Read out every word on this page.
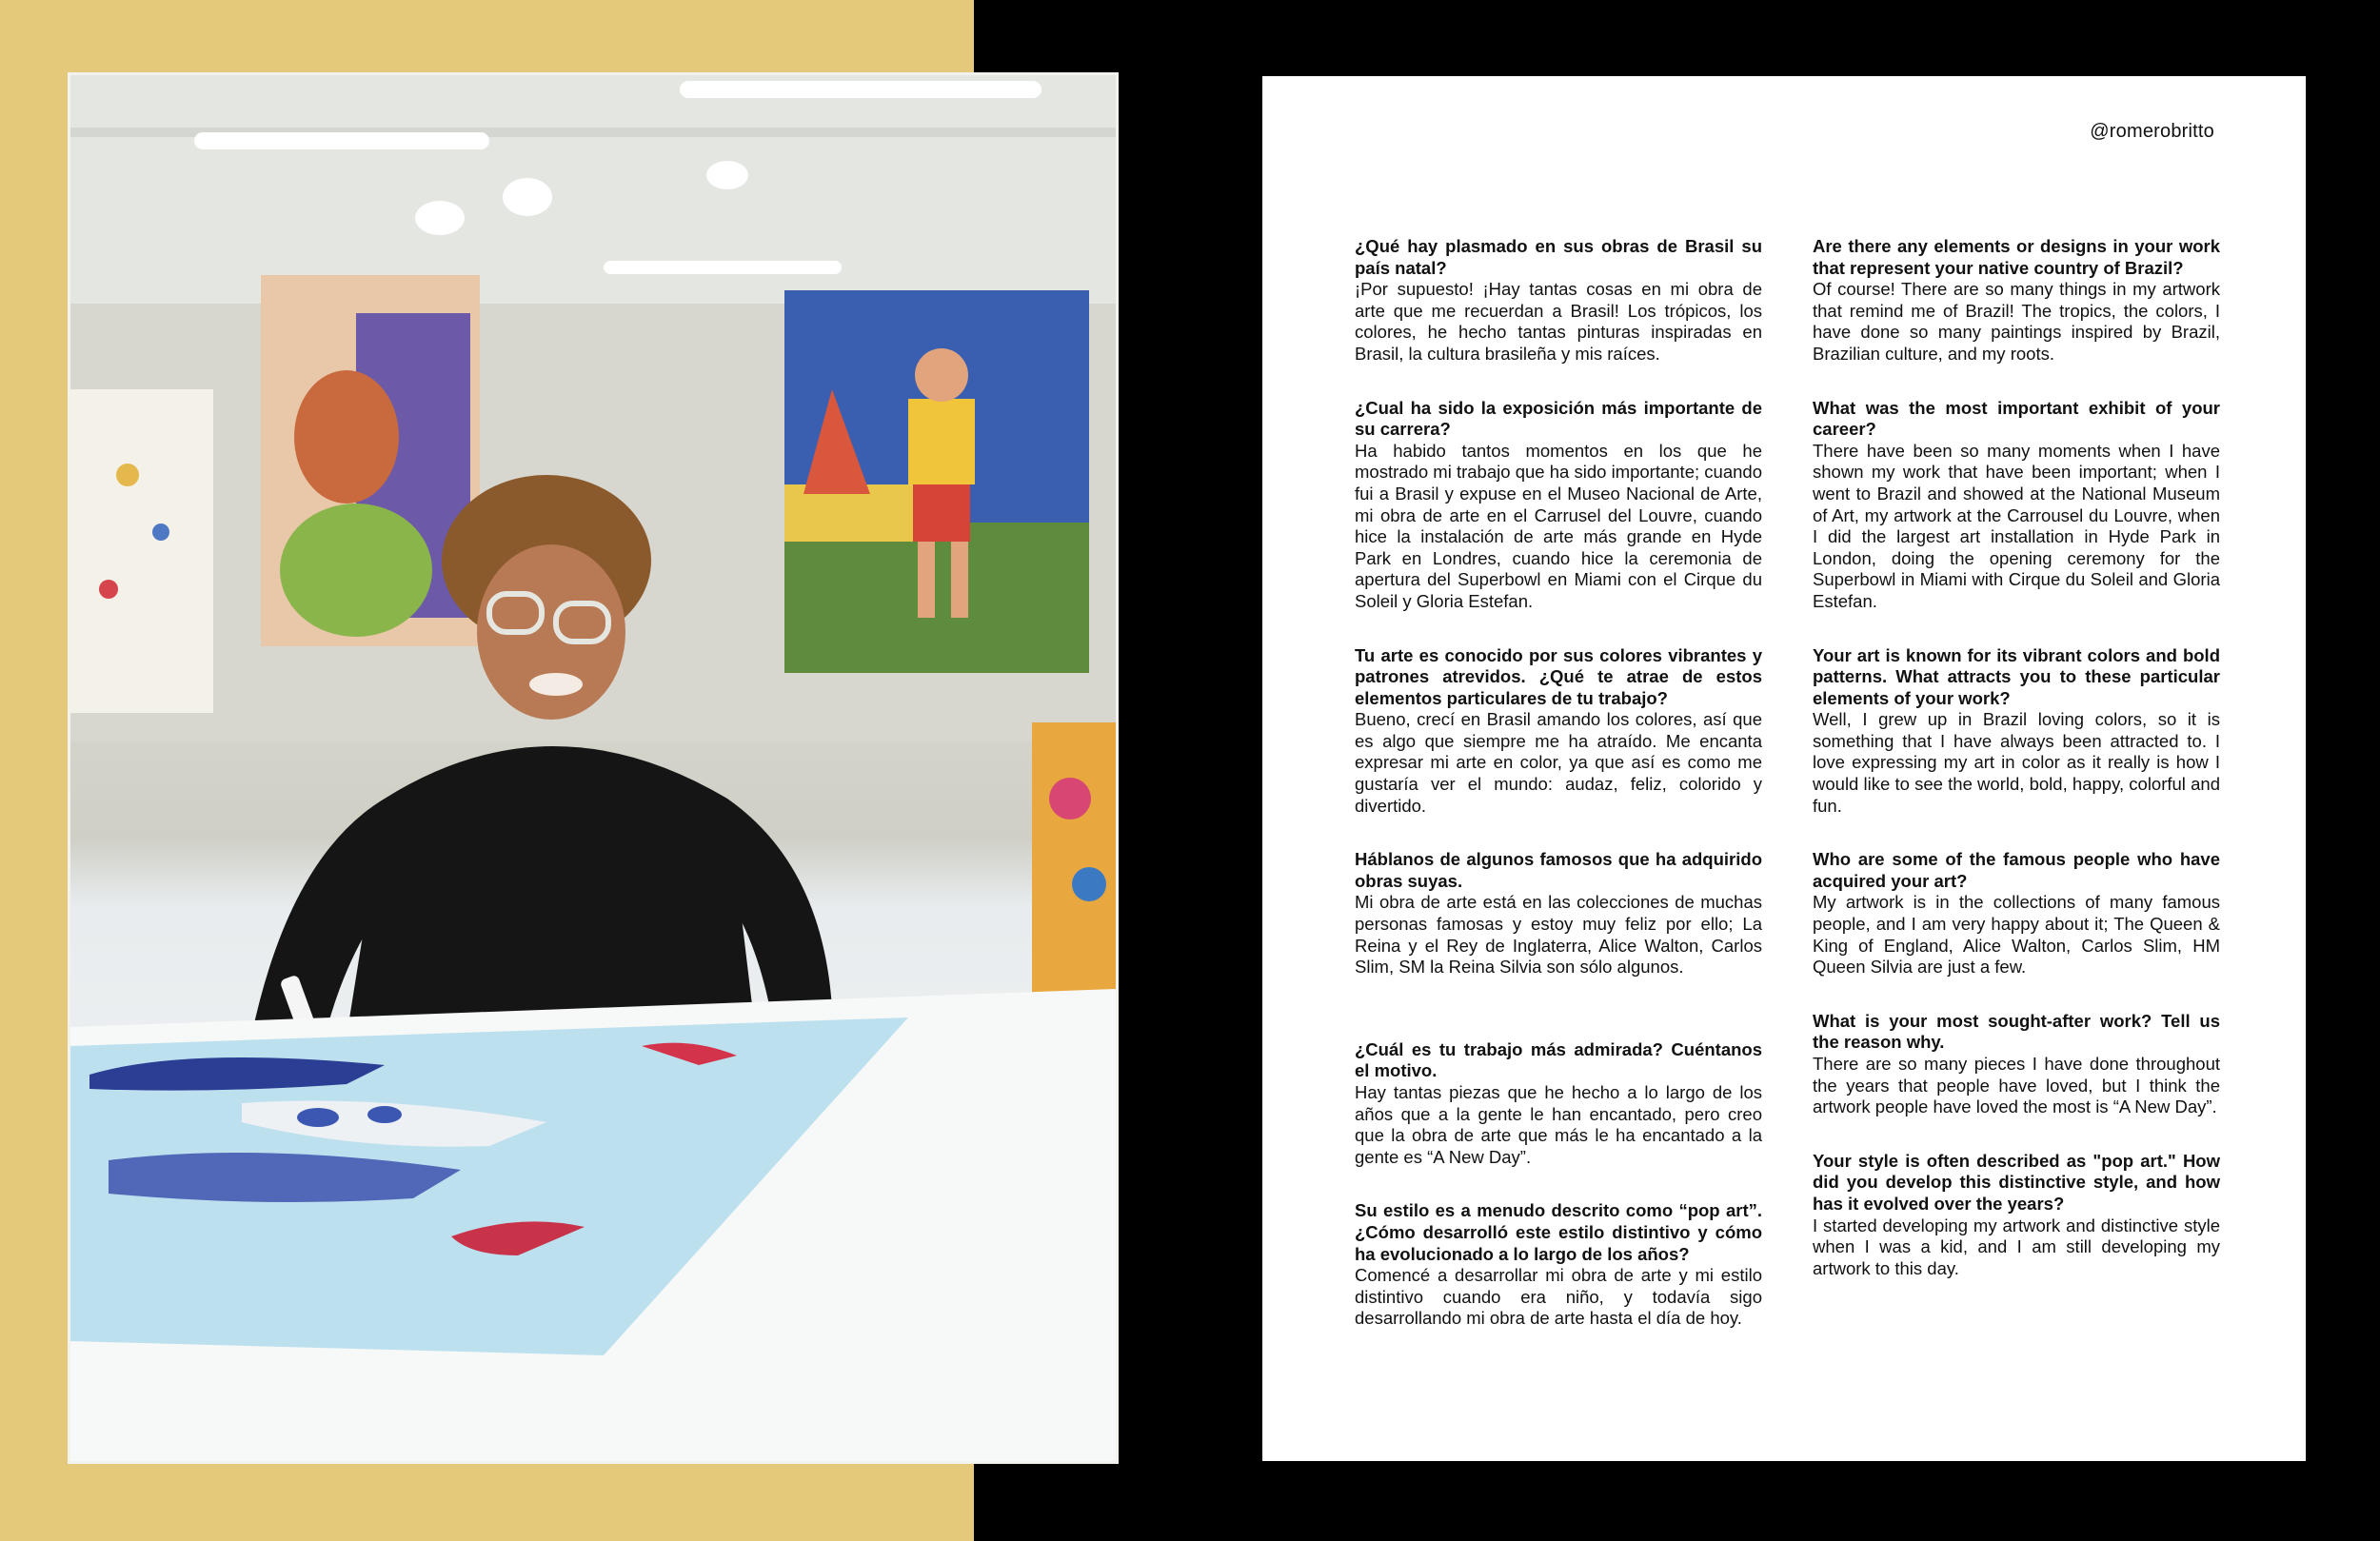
@romerobritto
¿Qué hay plasmado en sus obras de Brasil su país natal?
¡Por supuesto! ¡Hay tantas cosas en mi obra de arte que me recuerdan a Brasil! Los trópicos, los colores, he hecho tantas pinturas inspiradas en Brasil, la cultura brasileña y mis raíces.
¿Cual ha sido la exposición más importante de su carrera?
Ha habido tantos momentos en los que he mostrado mi trabajo que ha sido importante; cuando fui a Brasil y expuse en el Museo Nacional de Arte, mi obra de arte en el Carrusel del Louvre, cuando hice la instalación de arte más grande en Hyde Park en Londres, cuando hice la ceremonia de apertura del Superbowl en Miami con el Cirque du Soleil y Gloria Estefan.
Tu arte es conocido por sus colores vibrantes y patrones atrevidos. ¿Qué te atrae de estos elementos particulares de tu trabajo?
Bueno, crecí en Brasil amando los colores, así que es algo que siempre me ha atraído. Me encanta expresar mi arte en color, ya que así es como me gustaría ver el mundo: audaz, feliz, colorido y divertido.
Háblanos de algunos famosos que ha adquirido obras suyas.
Mi obra de arte está en las colecciones de muchas personas famosas y estoy muy feliz por ello; La Reina y el Rey de Inglaterra, Alice Walton, Carlos Slim, SM la Reina Silvia son sólo algunos.
¿Cuál es tu trabajo más admirada? Cuéntanos el motivo.
Hay tantas piezas que he hecho a lo largo de los años que a la gente le han encantado, pero creo que la obra de arte que más le ha encantado a la gente es “A New Day”.
Su estilo es a menudo descrito como “pop art”. ¿Cómo desarrolló este estilo distintivo y cómo ha evolucionado a lo largo de los años?
Comencé a desarrollar mi obra de arte y mi estilo distintivo cuando era niño, y todavía sigo desarrollando mi obra de arte hasta el día de hoy.
Are there any elements or designs in your work that represent your native country of Brazil?
Of course! There are so many things in my artwork that remind me of Brazil! The tropics, the colors, I have done so many paintings inspired by Brazil, Brazilian culture, and my roots.
What was the most important exhibit of your career?
There have been so many moments when I have shown my work that have been important; when I went to Brazil and showed at the National Museum of Art, my artwork at the Carrousel du Louvre, when I did the largest art installation in Hyde Park in London, doing the opening ceremony for the Superbowl in Miami with Cirque du Soleil and Gloria Estefan.
Your art is known for its vibrant colors and bold patterns. What attracts you to these particular elements of your work?
Well, I grew up in Brazil loving colors, so it is something that I have always been attracted to. I love expressing my art in color as it really is how I would like to see the world, bold, happy, colorful and fun.
Who are some of the famous people who have acquired your art?
My artwork is in the collections of many famous people, and I am very happy about it; The Queen & King of England, Alice Walton, Carlos Slim, HM Queen Silvia are just a few.
What is your most sought-after work? Tell us the reason why.
There are so many pieces I have done throughout the years that people have loved, but I think the artwork people have loved the most is “A New Day”.
Your style is often described as "pop art." How did you develop this distinctive style, and how has it evolved over the years?
I started developing my artwork and distinctive style when I was a kid, and I am still developing my artwork to this day.
